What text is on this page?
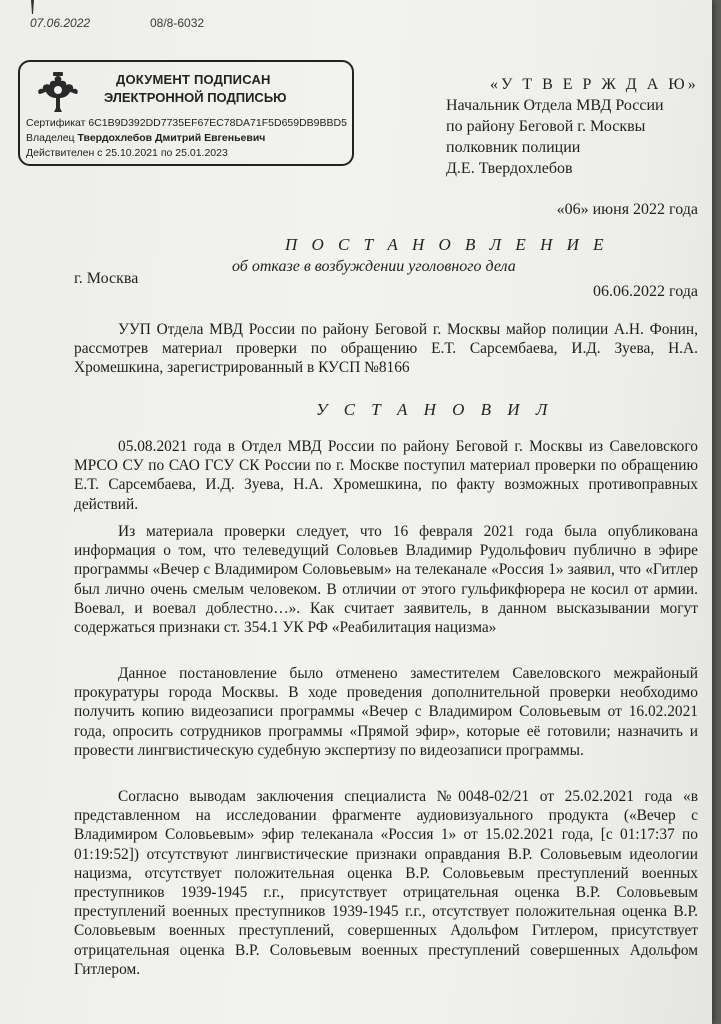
07.06.2022	08/8-6032
ДОКУМЕНТ ПОДПИСАН
ЭЛЕКТРОННОЙ ПОДПИСЬЮ
Сертификат 6C1B9D392DD7735EF67EC78DA71F5D659DB9BBD5
Владелец Твердохлебов Дмитрий Евгеньевич
Действителен с 25.10.2021 по 25.01.2023
«У Т В Е Р Ж Д А Ю»
Начальник Отдела МВД России
по району Беговой г. Москвы
полковник полиции
Д.Е. Твердохлебов
«06» июня 2022 года
П О С Т А Н О В Л Е Н И Е
об отказе в возбуждении уголовного дела
г. Москва
06.06.2022 года

УУП Отдела МВД России по району Беговой г. Москвы майор полиции А.Н. Фонин, рассмотрев материал проверки по обращению Е.Т. Сарсембаева, И.Д. Зуева, Н.А. Хромешкина, зарегистрированный в КУСП №8166

У С Т А Н О В И Л

05.08.2021 года в Отдел МВД России по району Беговой г. Москвы из Савеловского МРСО СУ по САО ГСУ СК России по г. Москве поступил материал проверки по обращению Е.Т. Сарсембаева, И.Д. Зуева, Н.А. Хромешкина, по факту возможных противоправных действий.

Из материала проверки следует, что 16 февраля 2021 года была опубликована информация о том, что телеведущий Соловьев Владимир Рудольфович публично в эфире программы «Вечер с Владимиром Соловьевым» на телеканале «Россия 1» заявил, что «Гитлер был лично очень смелым человеком. В отличии от этого гульфикфюрера не косил от армии. Воевал, и воевал доблестно…». Как считает заявитель, в данном высказывании могут содержаться признаки ст. 354.1 УК РФ «Реабилитация нацизма»

Данное постановление было отменено заместителем Савеловского межрайоный прокуратуры города Москвы. В ходе проведения дополнительной проверки необходимо получить копию видеозаписи программы «Вечер с Владимиром Соловьевым от 16.02.2021 года, опросить сотрудников программы «Прямой эфир», которые её готовили; назначить и провести лингвистическую судебную экспертизу по видеозаписи программы.

Согласно выводам заключения специалиста №0048-02/21 от 25.02.2021 года «в представленном на исследовании фрагменте аудиовизуального продукта («Вечер с Владимиром Соловьевым» эфир телеканала «Россия 1» от 15.02.2021 года, [с 01:17:37 по 01:19:52]) отсутствуют лингвистические признаки оправдания В.Р. Соловьевым идеологии нацизма, отсутствует положительная оценка В.Р. Соловьевым преступлений военных преступников 1939-1945 г.г., присутствует отрицательная оценка В.Р. Соловьевым преступлений военных преступников 1939-1945 г.г., отсутствует положительная оценка В.Р. Соловьевым военных преступлений, совершенных Адольфом Гитлером, присутствует отрицательная оценка В.Р. Соловьевым военных преступлений совершенных Адольфом Гитлером.
